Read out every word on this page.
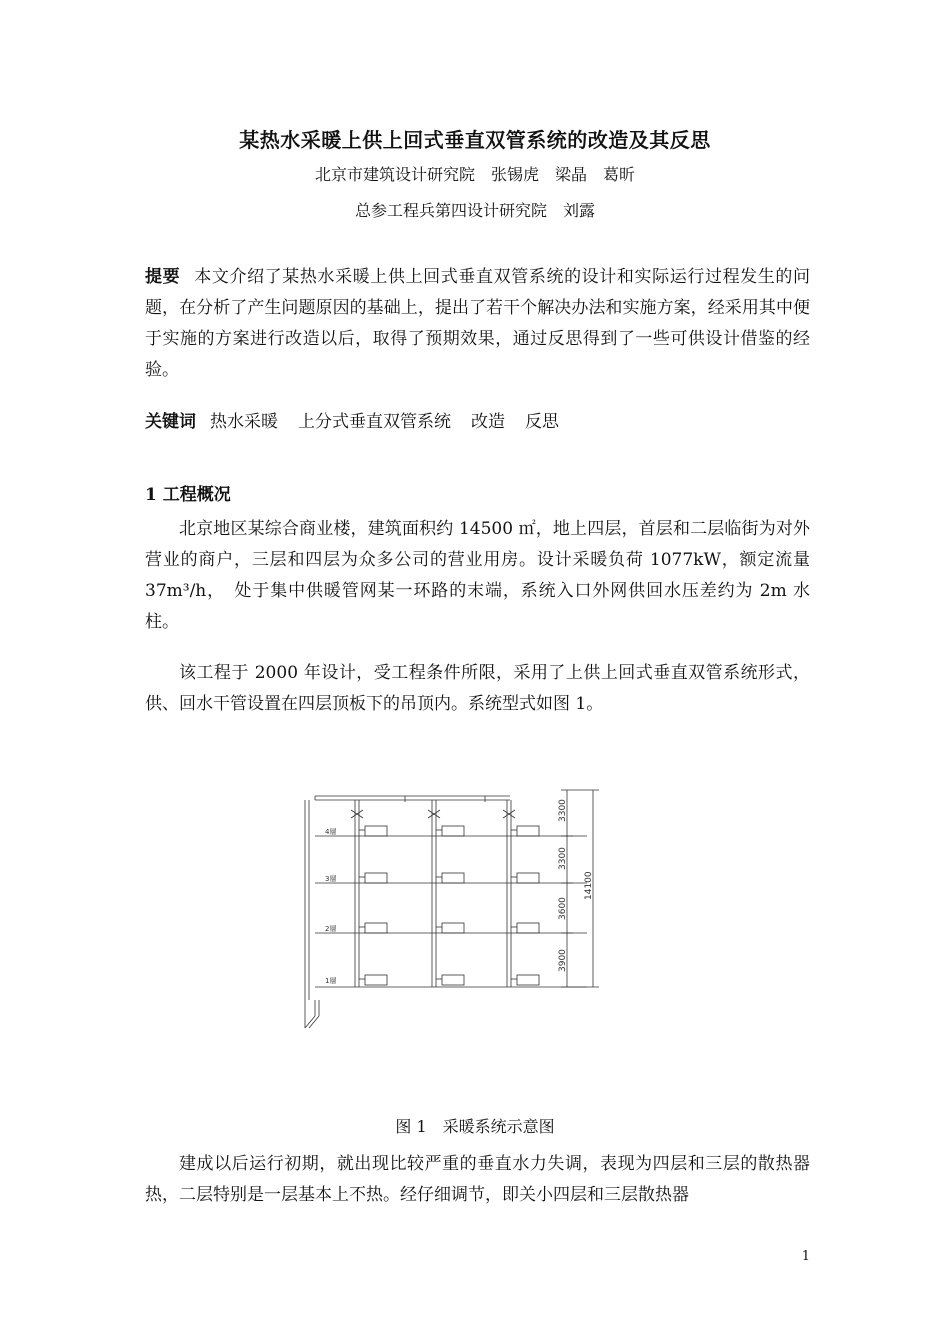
某热水采暖上供上回式垂直双管系统的改造及其反思
北京市建筑设计研究院　张锡虎　梁晶　葛昕
总参工程兵第四设计研究院　刘露
提要 本文介绍了某热水采暖上供上回式垂直双管系统的设计和实际运行过程发生的问题，在分析了产生问题原因的基础上，提出了若干个解决办法和实施方案，经采用其中便于实施的方案进行改造以后，取得了预期效果，通过反思得到了一些可供设计借鉴的经验。
关键词 热水采暖 上分式垂直双管系统 改造 反思
1 工程概况
北京地区某综合商业楼，建筑面积约 14500 ㎡，地上四层，首层和二层临街为对外营业的商户，三层和四层为众多公司的营业用房。设计采暖负荷 1077kW，额定流量 37m³/h，　处于集中供暖管网某一环路的末端，系统入口外网供回水压差约为 2m 水柱。
该工程于 2000 年设计，受工程条件所限，采用了上供上回式垂直双管系统形式，供、回水干管设置在四层顶板下的吊顶内。系统型式如图 1。
4層
3層
2層
1層
3300
3300
3600
3900
14100
图 1　采暖系统示意图
建成以后运行初期，就出现比较严重的垂直水力失调，表现为四层和三层的散热器热，二层特别是一层基本上不热。经仔细调节，即关小四层和三层散热器
1
